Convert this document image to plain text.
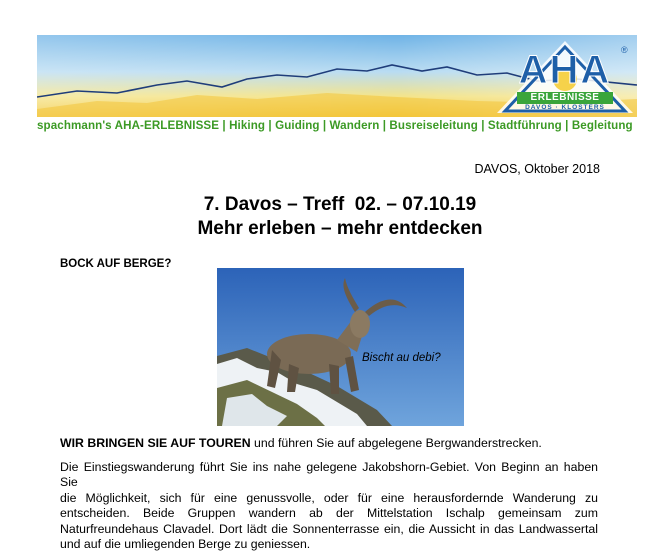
AHA	®
ERLEBNISSE
DAVOS · KLOSTERS
spachmann's AHA-ERLEBNISSE | Hiking | Guiding | Wandern | Busreiseleitung | Stadtführung | Begleitung
DAVOS, Oktober 2018
7. Davos – Treff  02. – 07.10.19
Mehr erleben – mehr entdecken
BOCK AUF BERGE?
Bischt au debi?
WIR BRINGEN SIE AUF TOUREN und führen Sie auf abgelegene Bergwanderstrecken.
Die Einstiegswanderung führt Sie ins nahe gelegene Jakobshorn-Gebiet. Von Beginn an haben Sie
die Möglichkeit, sich für eine genussvolle, oder für eine herausfordernde Wanderung zu
entscheiden. Beide Gruppen wandern ab der Mittelstation Ischalp gemeinsam zum
Naturfreundehaus Clavadel. Dort lädt die Sonnenterrasse ein, die Aussicht in das Landwassertal
und auf die umliegenden Berge zu geniessen.
